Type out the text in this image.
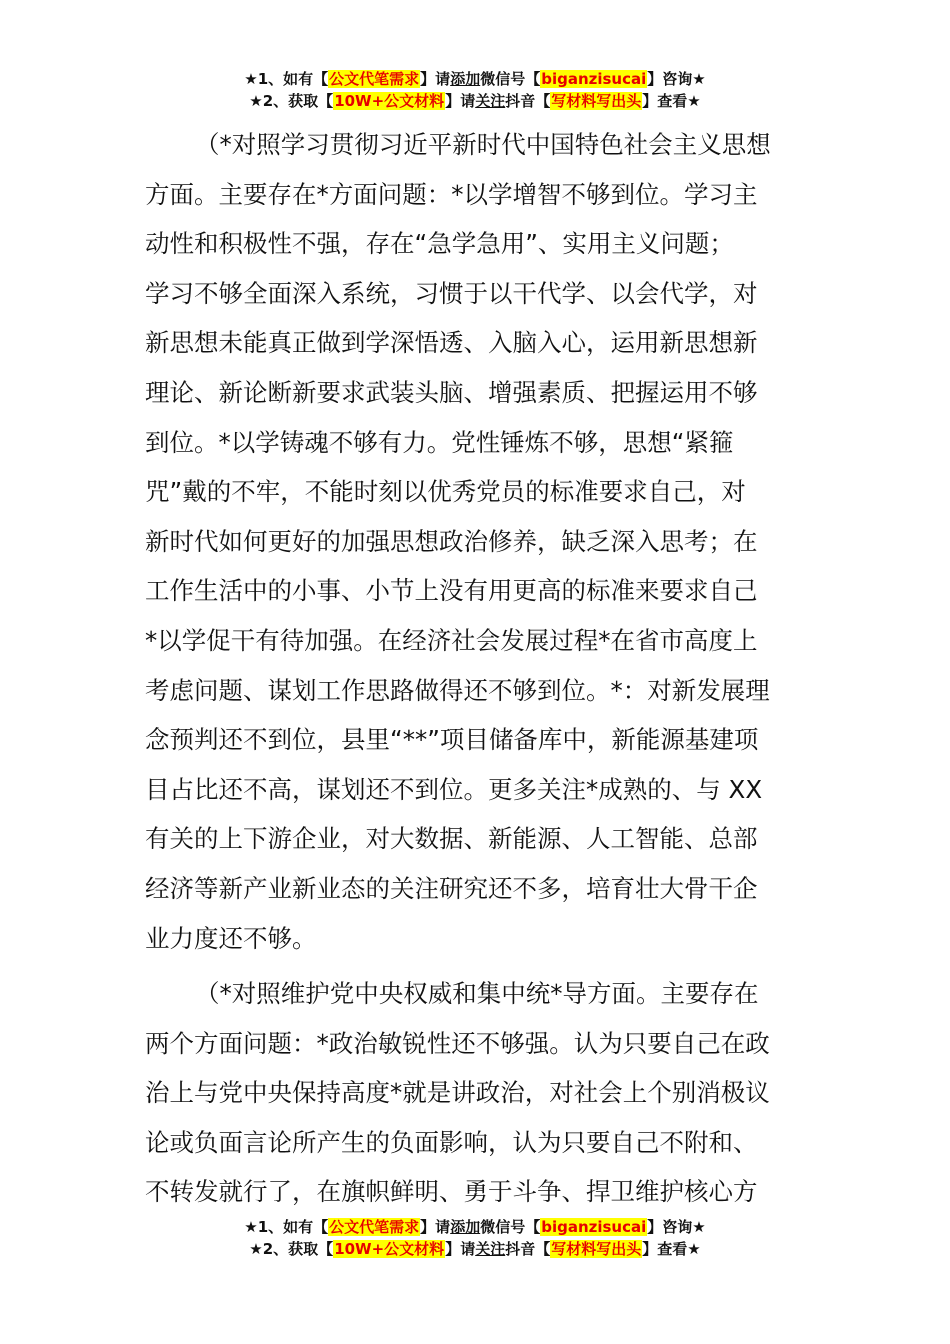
★1、如有【公文代笔需求】请添加微信号【biganzisucai】咨询★
★2、获取【10W+公文材料】请关注抖音【写材料写出头】查看★
（*对照学习贯彻习近平新时代中国特色社会主义思想
方面。主要存在*方面问题：*以学增智不够到位。学习主
动性和积极性不强，存在“急学急用”、实用主义问题；
学习不够全面深入系统，习惯于以干代学、以会代学，对
新思想未能真正做到学深悟透、入脑入心，运用新思想新
理论、新论断新要求武装头脑、增强素质、把握运用不够
到位。*以学铸魂不够有力。党性锤炼不够，思想“紧箍
咒”戴的不牢，不能时刻以优秀党员的标准要求自己，对
新时代如何更好的加强思想政治修养，缺乏深入思考；在
工作生活中的小事、小节上没有用更高的标准来要求自己
*以学促干有待加强。在经济社会发展过程*在省市高度上
考虑问题、谋划工作思路做得还不够到位。*：对新发展理
念预判还不到位，县里“**”项目储备库中，新能源基建项
目占比还不高，谋划还不到位。更多关注*成熟的、与 XX
有关的上下游企业，对大数据、新能源、人工智能、总部
经济等新产业新业态的关注研究还不多，培育壮大骨干企
业力度还不够。
（*对照维护党中央权威和集中统*导方面。主要存在
两个方面问题：*政治敏锐性还不够强。认为只要自己在政
治上与党中央保持高度*就是讲政治，对社会上个别消极议
论或负面言论所产生的负面影响，认为只要自己不附和、
不转发就行了，在旗帜鲜明、勇于斗争、捍卫维护核心方
★1、如有【公文代笔需求】请添加微信号【biganzisucai】咨询★
★2、获取【10W+公文材料】请关注抖音【写材料写出头】查看★
